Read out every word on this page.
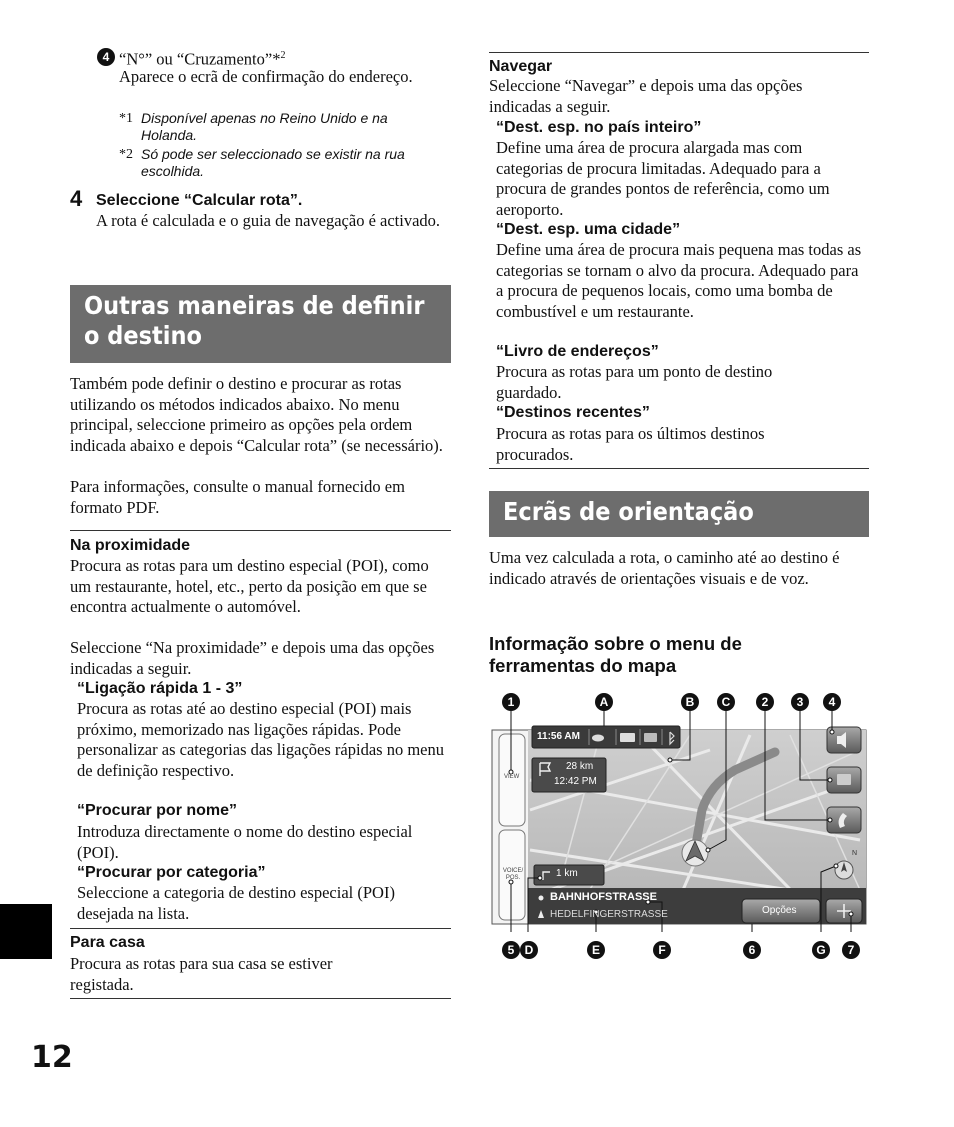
4 “N°” ou “Cruzamento”*$^2$
Aparece o ecrã de confirmação do endereço.
*1 Disponível apenas no Reino Unido e na Holanda.
*2 Só pode ser seleccionado se existir na rua escolhida.
4 Seleccione “Calcular rota”.
A rota é calculada e o guia de navegação é activado.
Outras maneiras de definir o destino
Também pode definir o destino e procurar as rotas utilizando os métodos indicados abaixo. No menu principal, seleccione primeiro as opções pela ordem indicada abaixo e depois “Calcular rota” (se necessário).
Para informações, consulte o manual fornecido em formato PDF.
Na proximidade
Procura as rotas para um destino especial (POI), como um restaurante, hotel, etc., perto da posição em que se encontra actualmente o automóvel.
Seleccione “Na proximidade” e depois uma das opções indicadas a seguir.
“Ligação rápida 1 - 3”
Procura as rotas até ao destino especial (POI) mais próximo, memorizado nas ligações rápidas. Pode personalizar as categorias das ligações rápidas no menu de definição respectivo.
“Procurar por nome”
Introduza directamente o nome do destino especial (POI).
“Procurar por categoria”
Seleccione a categoria de destino especial (POI) desejada na lista.
Para casa
Procura as rotas para sua casa se estiver registada.
12
Navegar
Seleccione “Navegar” e depois uma das opções indicadas a seguir.
“Dest. esp. no país inteiro”
Define uma área de procura alargada mas com categorias de procura limitadas. Adequado para a procura de grandes pontos de referência, como um aeroporto.
“Dest. esp. uma cidade”
Define uma área de procura mais pequena mas todas as categorias se tornam o alvo da procura. Adequado para a procura de pequenos locais, como uma bomba de combustível e um restaurante.
“Livro de endereços”
Procura as rotas para um ponto de destino guardado.
“Destinos recentes”
Procura as rotas para os últimos destinos procurados.
Ecrãs de orientação
Uma vez calculada a rota, o caminho até ao destino é indicado através de orientações visuais e de voz.
Informação sobre o menu de ferramentas do mapa
11:56 AM
28 km
12:42 PM
1 km
BAHNHOFSTRASSE
HEDELFINGERSTRASSE	Opções
VIEW
VOICE/
POS.
N
1	A	B	C	2	3	4
5 D	E	F	6	G	7
